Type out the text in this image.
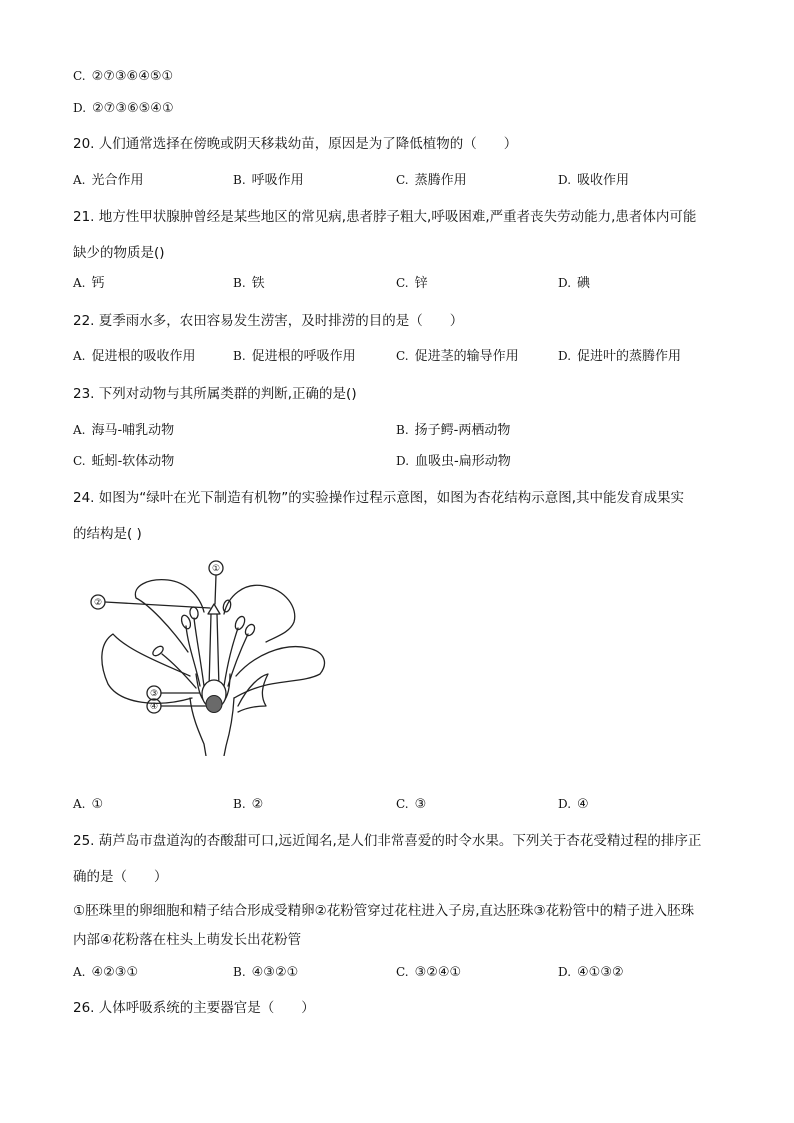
C. ②⑦③⑥④⑤①
D. ②⑦③⑥⑤④①
20. 人们通常选择在傍晚或阴天移栽幼苗，原因是为了降低植物的（　　）
A. 光合作用	B. 呼吸作用	C. 蒸腾作用	D. 吸收作用
21. 地方性甲状腺肿曾经是某些地区的常见病,患者脖子粗大,呼吸困难,严重者丧失劳动能力,患者体内可能
缺少的物质是()
A. 钙	B. 铁	C. 锌	D. 碘
22. 夏季雨水多，农田容易发生涝害，及时排涝的目的是（　　）
A. 促进根的吸收作用	B. 促进根的呼吸作用	C. 促进茎的输导作用	D. 促进叶的蒸腾作用
23. 下列对动物与其所属类群的判断,正确的是()
A. 海马-哺乳动物	B. 扬子鳄-两栖动物
C. 蚯蚓-软体动物	D. 血吸虫-扁形动物
24. 如图为“绿叶在光下制造有机物”的实验操作过程示意图，如图为杏花结构示意图,其中能发育成果实
的结构是( )
①
②
③
④
A. ①	B. ②	C. ③	D. ④
25. 葫芦岛市盘道沟的杏酸甜可口,远近闻名,是人们非常喜爱的时令水果。下列关于杏花受精过程的排序正
确的是（　　）
①胚珠里的卵细胞和精子结合形成受精卵②花粉管穿过花柱进入子房,直达胚珠③花粉管中的精子进入胚珠
内部④花粉落在柱头上萌发长出花粉管
A. ④②③①	B. ④③②①	C. ③②④①	D. ④①③②
26. 人体呼吸系统的主要器官是（　　）
